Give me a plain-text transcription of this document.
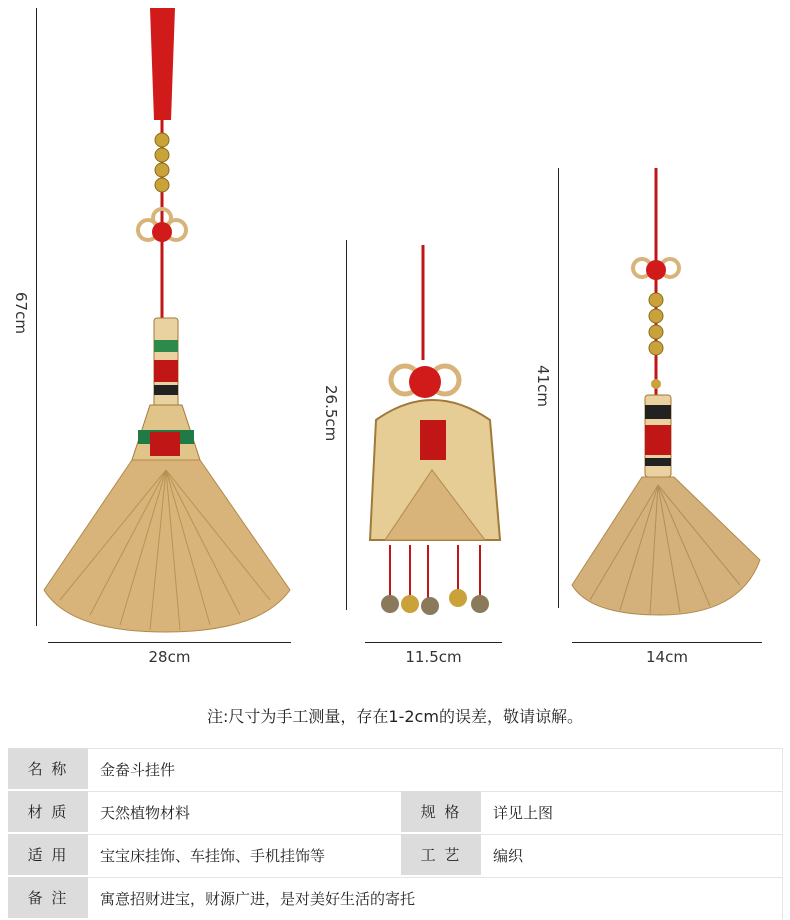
67cm
28cm
26.5cm
11.5cm
41cm
14cm
注:尺寸为手工测量，存在1-2cm的误差，敬请谅解。
名 称	金畚斗挂件		
材 质	天然植物材料	规 格	详见上图
适 用	宝宝床挂饰、车挂饰、手机挂饰等	工 艺	编织
备 注	寓意招财进宝，财源广进，是对美好生活的寄托		
